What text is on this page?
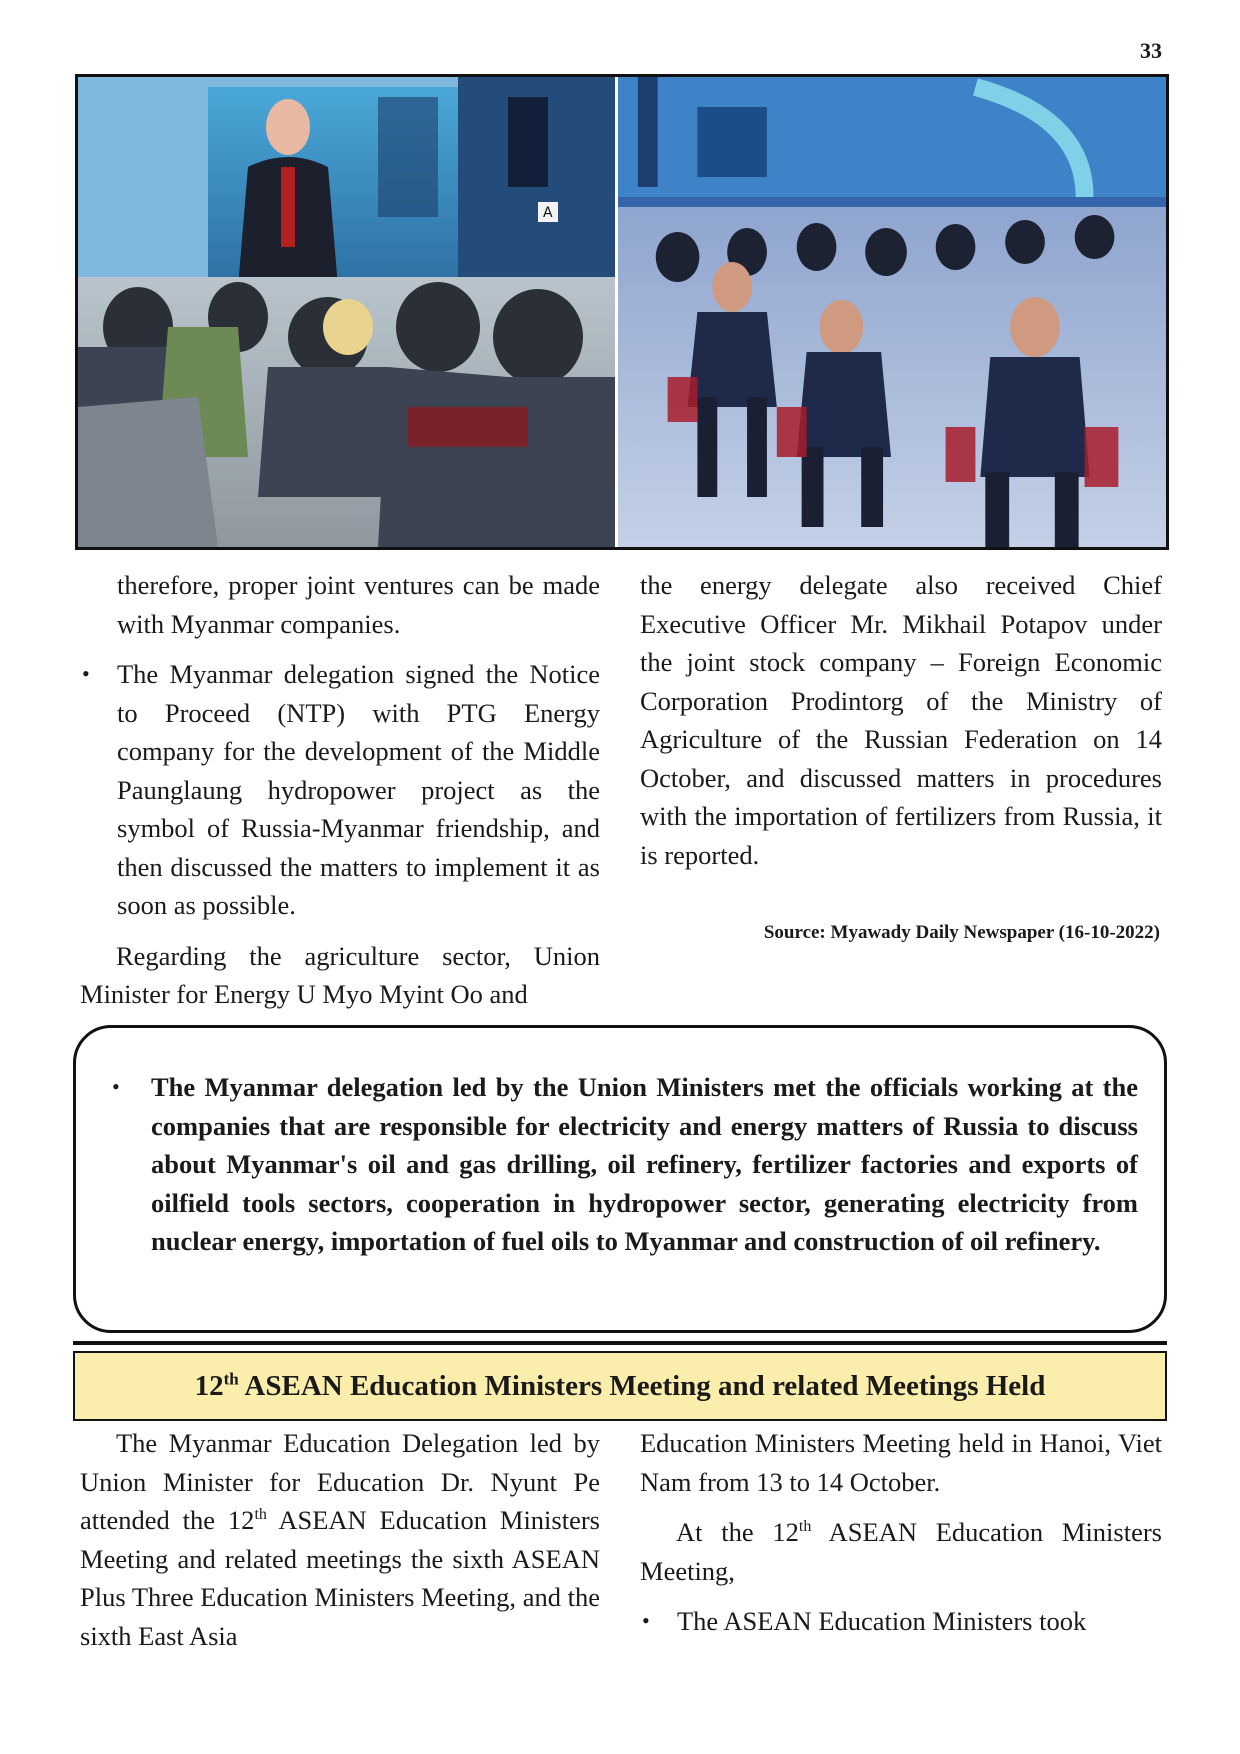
33
A

therefore, proper joint ventures can be made with Myanmar companies.

• The Myanmar delegation signed the Notice to Proceed (NTP) with PTG Energy company for the development of the Middle Paunglaung hydropower project as the symbol of Russia-Myanmar friendship, and then discussed the matters to implement it as soon as possible.

Regarding the agriculture sector, Union Minister for Energy U Myo Myint Oo and

the energy delegate also received Chief Executive Officer Mr. Mikhail Potapov under the joint stock company – Foreign Economic Corporation Prodintorg of the Ministry of Agriculture of the Russian Federation on 14 October, and discussed matters in procedures with the importation of fertilizers from Russia, it is reported.

Source: Myawady Daily Newspaper (16-10-2022)
• The Myanmar delegation led by the Union Ministers met the officials working at the companies that are responsible for electricity and energy matters of Russia to discuss about Myanmar's oil and gas drilling, oil refinery, fertilizer factories and exports of oilfield tools sectors, cooperation in hydropower sector, generating electricity from nuclear energy, importation of fuel oils to Myanmar and construction of oil refinery.
12th ASEAN Education Ministers Meeting and related Meetings Held

The Myanmar Education Delegation led by Union Minister for Education Dr. Nyunt Pe attended the 12th ASEAN Education Ministers Meeting and related meetings the sixth ASEAN Plus Three Education Ministers Meeting, and the sixth East Asia

Education Ministers Meeting held in Hanoi, Viet Nam from 13 to 14 October.

At the 12th ASEAN Education Ministers Meeting,

• The ASEAN Education Ministers took
